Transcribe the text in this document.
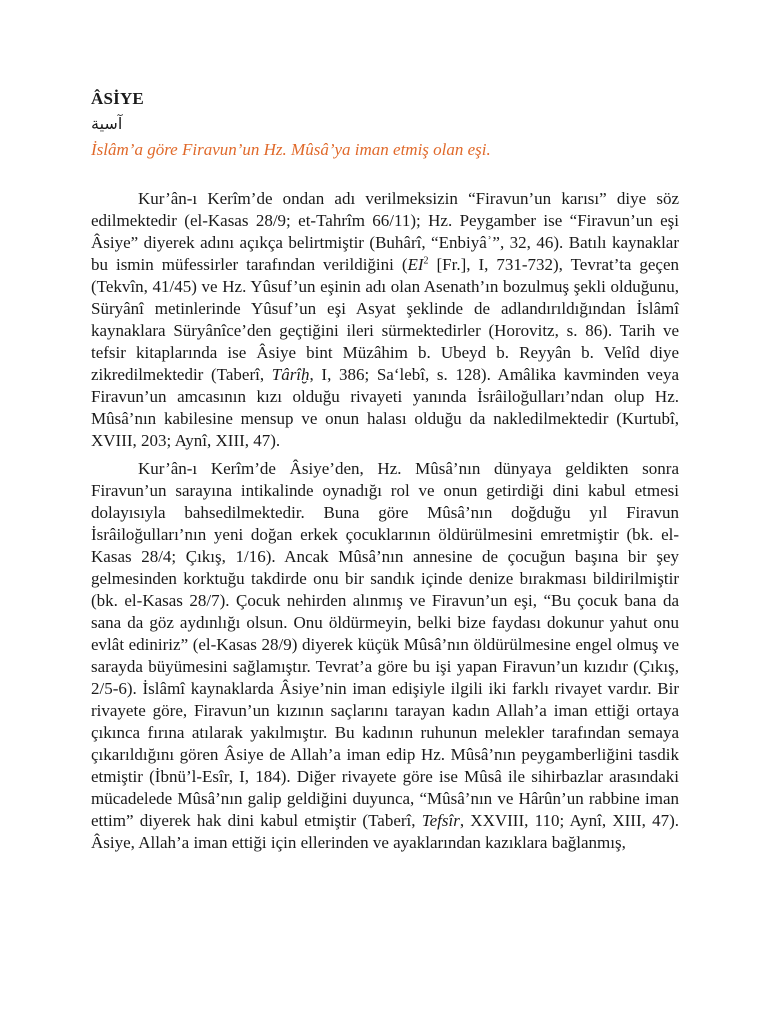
ÂSİYE

آسية

İslâm’a göre Firavun’un Hz. Mûsâ’ya iman etmiş olan eşi.

Kur’ân-ı Kerîm’de ondan adı verilmeksizin “Firavun’un karısı” diye söz edilmektedir (el-Kasas 28/9; et-Tahrîm 66/11); Hz. Peygamber ise “Firavun’un eşi Âsiye” diyerek adını açıkça belirtmiştir (Buhârî, “Enbiyâʾ”, 32, 46). Batılı kaynaklar bu ismin müfessirler tarafından verildiğini ($EI^2$ [Fr.], I, 731-732), Tevrat’ta geçen (Tekvîn, 41/45) ve Hz. Yûsuf’un eşinin adı olan Asenath’ın bozulmuş şekli olduğunu, Süryânî metinlerinde Yûsuf’un eşi Asyat şeklinde de adlandırıldığından İslâmî kaynaklara Süryânîce’den geçtiğini ileri sürmektedirler (Horovitz, s. 86). Tarih ve tefsir kitaplarında ise Âsiye bint Müzâhim b. Ubeyd b. Reyyân b. Velîd diye zikredilmektedir (Taberî, Târîḫ, I, 386; Sa‘lebî, s. 128). Amâlika kavminden veya Firavun’un amcasının kızı olduğu rivayeti yanında İsrâiloğulları’ndan olup Hz. Mûsâ’nın kabilesine mensup ve onun halası olduğu da nakledilmektedir (Kurtubî, XVIII, 203; Aynî, XIII, 47).

Kur’ân-ı Kerîm’de Âsiye’den, Hz. Mûsâ’nın dünyaya geldikten sonra Firavun’un sarayına intikalinde oynadığı rol ve onun getirdiği dini kabul etmesi dolayısıyla bahsedilmektedir. Buna göre Mûsâ’nın doğduğu yıl Firavun İsrâiloğulları’nın yeni doğan erkek çocuklarının öldürülmesini emretmiştir (bk. el-Kasas 28/4; Çıkış, 1/16). Ancak Mûsâ’nın annesine de çocuğun başına bir şey gelmesinden korktuğu takdirde onu bir sandık içinde denize bırakması bildirilmiştir (bk. el-Kasas 28/7). Çocuk nehirden alınmış ve Firavun’un eşi, “Bu çocuk bana da sana da göz aydınlığı olsun. Onu öldürmeyin, belki bize faydası dokunur yahut onu evlât ediniriz” (el-Kasas 28/9) diyerek küçük Mûsâ’nın öldürülmesine engel olmuş ve sarayda büyümesini sağlamıştır. Tevrat’a göre bu işi yapan Firavun’un kızıdır (Çıkış, 2/5-6). İslâmî kaynaklarda Âsiye’nin iman edişiyle ilgili iki farklı rivayet vardır. Bir rivayete göre, Firavun’un kızının saçlarını tarayan kadın Allah’a iman ettiği ortaya çıkınca fırına atılarak yakılmıştır. Bu kadının ruhunun melekler tarafından semaya çıkarıldığını gören Âsiye de Allah’a iman edip Hz. Mûsâ’nın peygamberliğini tasdik etmiştir (İbnü’l-Esîr, I, 184). Diğer rivayete göre ise Mûsâ ile sihirbazlar arasındaki mücadelede Mûsâ’nın galip geldiğini duyunca, “Mûsâ’nın ve Hârûn’un rabbine iman ettim” diyerek hak dini kabul etmiştir (Taberî, Tefsîr, XXVIII, 110; Aynî, XIII, 47). Âsiye, Allah’a iman ettiği için ellerinden ve ayaklarından kazıklara bağlanmış,
